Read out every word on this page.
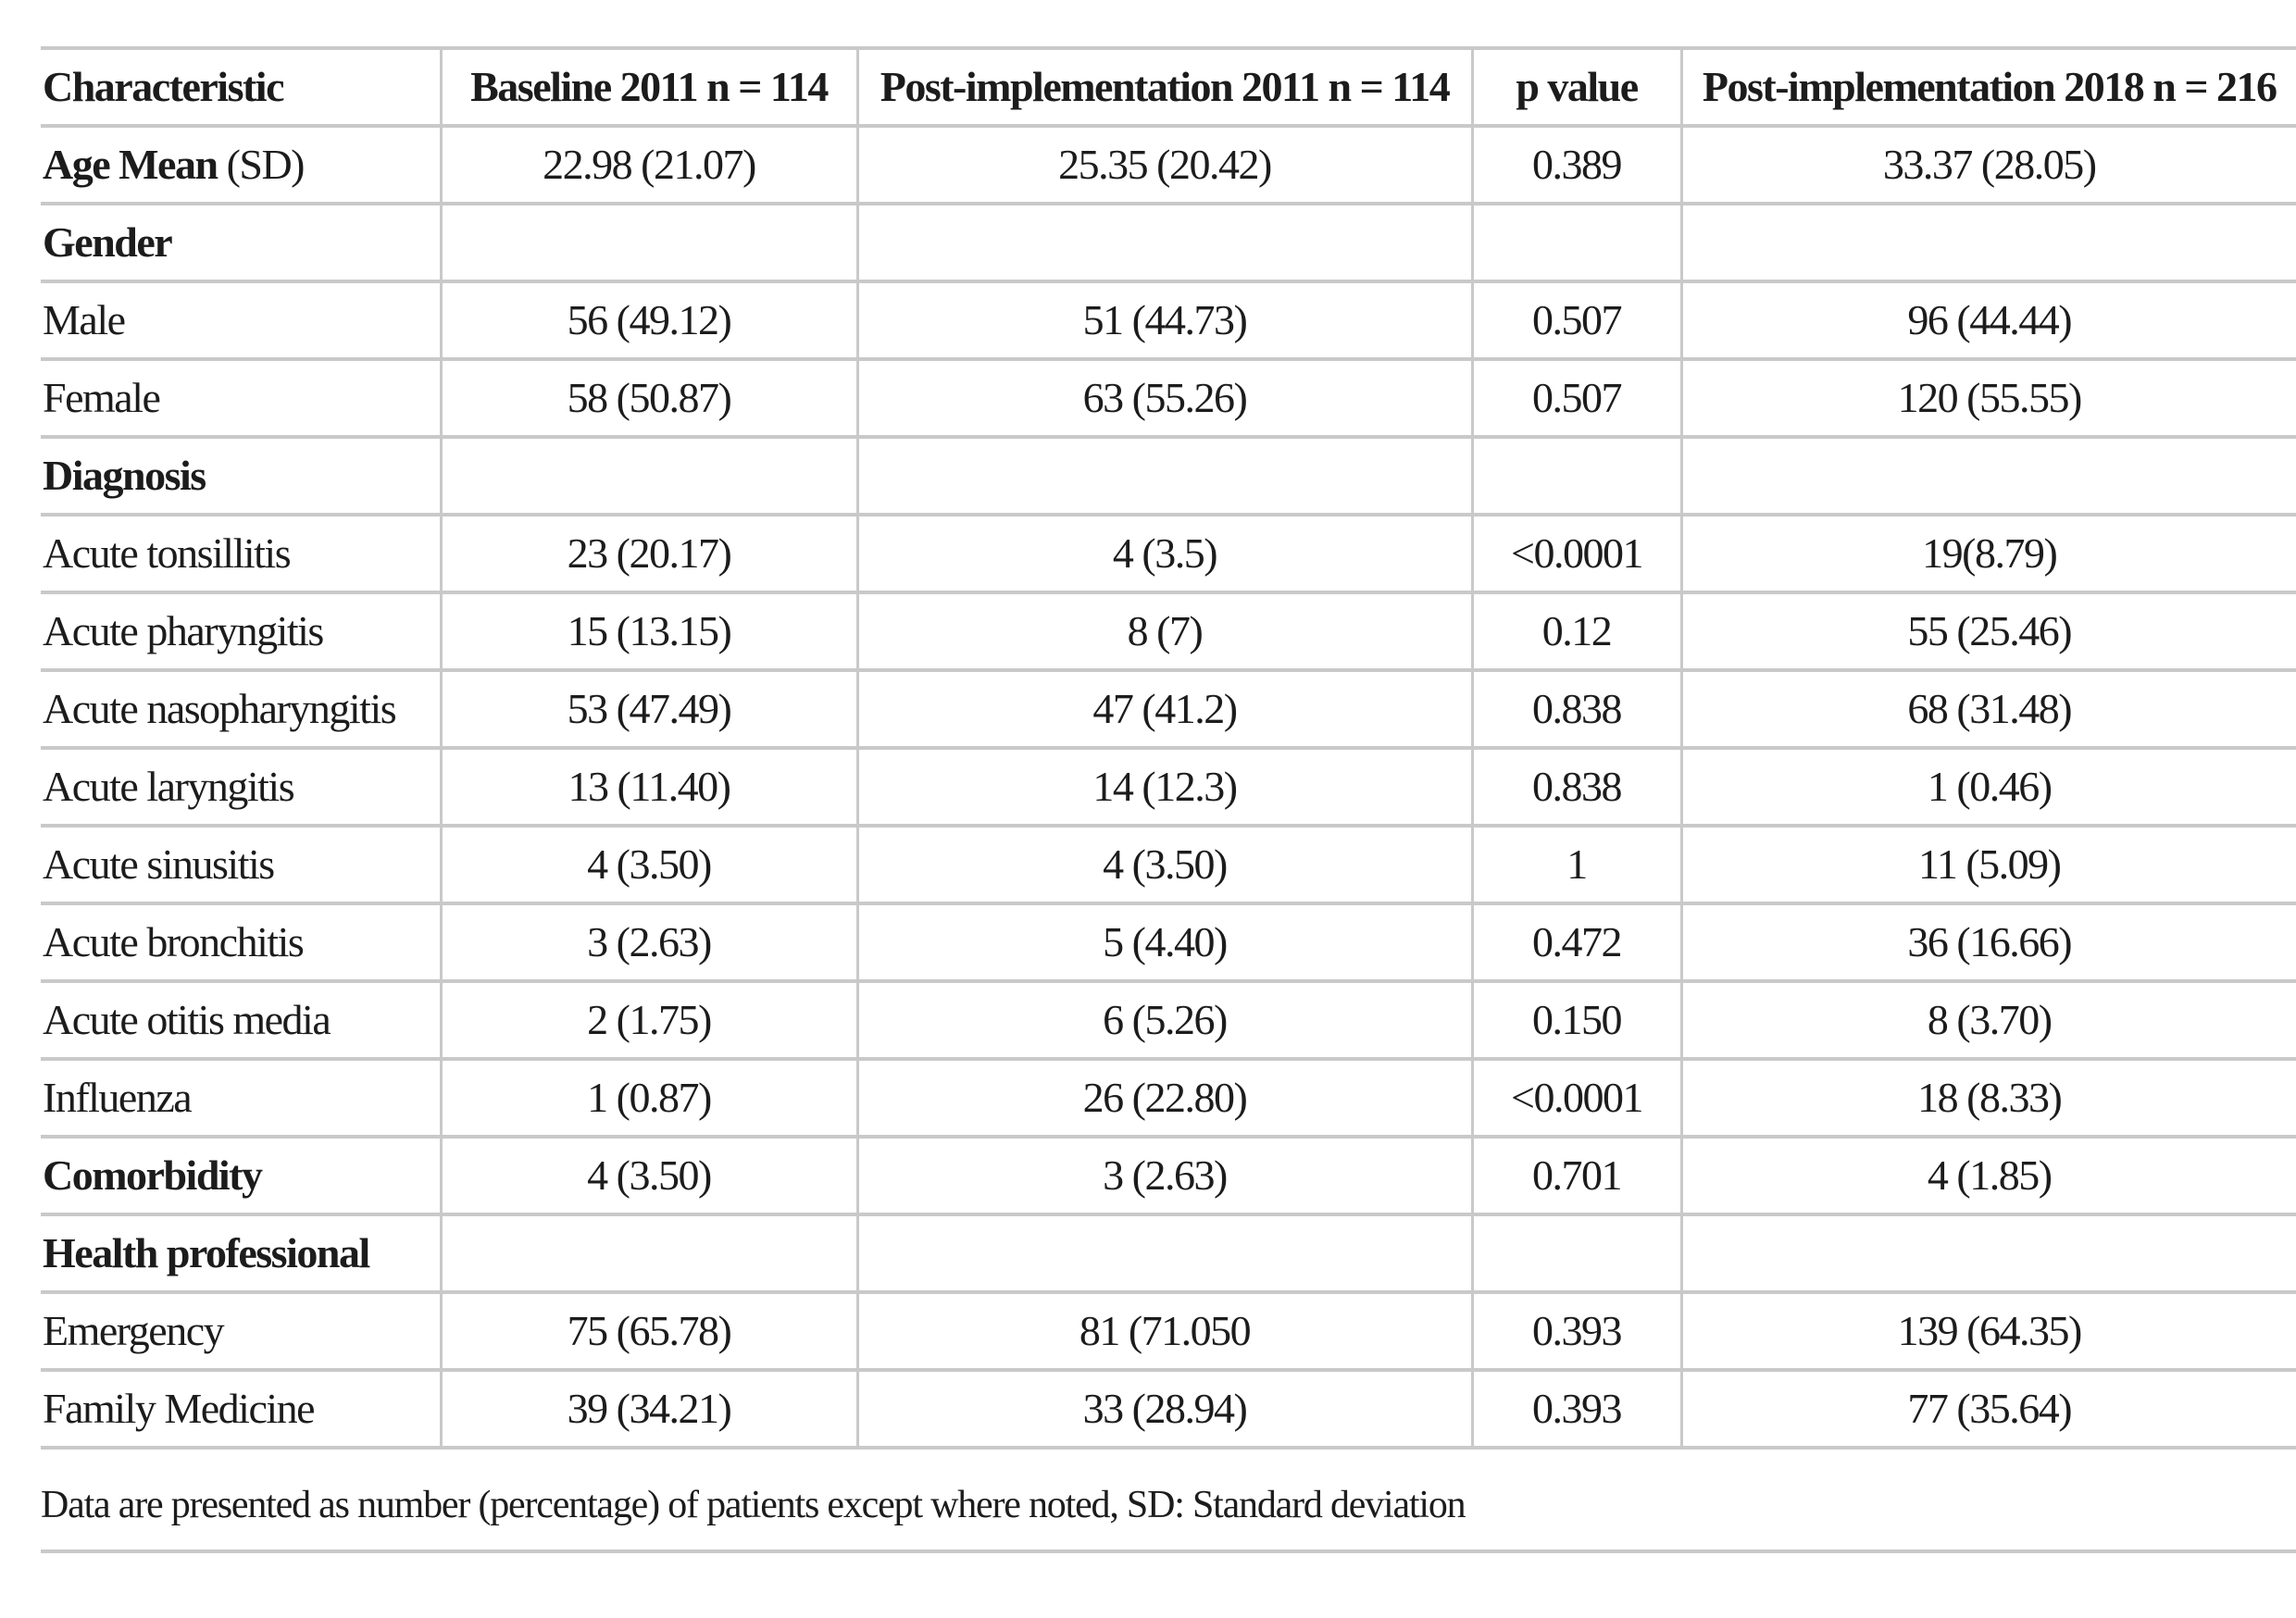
Characteristic	Baseline 2011 n = 114	Post-implementation 2011 n = 114	p value	Post-implementation 2018 n = 216
Age Mean (SD)	22.98 (21.07)	25.35 (20.42)	0.389	33.37 (28.05)
Gender				
Male	56 (49.12)	51 (44.73)	0.507	96 (44.44)
Female	58 (50.87)	63 (55.26)	0.507	120 (55.55)
Diagnosis				
Acute tonsillitis	23 (20.17)	4 (3.5)	<0.0001	19(8.79)
Acute pharyngitis	15 (13.15)	8 (7)	0.12	55 (25.46)
Acute nasopharyngitis	53 (47.49)	47 (41.2)	0.838	68 (31.48)
Acute laryngitis	13 (11.40)	14 (12.3)	0.838	1 (0.46)
Acute sinusitis	4 (3.50)	4 (3.50)	1	11 (5.09)
Acute bronchitis	3 (2.63)	5 (4.40)	0.472	36 (16.66)
Acute otitis media	2 (1.75)	6 (5.26)	0.150	8 (3.70)
Influenza	1 (0.87)	26 (22.80)	<0.0001	18 (8.33)
Comorbidity	4 (3.50)	3 (2.63)	0.701	4 (1.85)
Health professional				
Emergency	75 (65.78)	81 (71.050	0.393	139 (64.35)
Family Medicine	39 (34.21)	33 (28.94)	0.393	77 (35.64)
Data are presented as number (percentage) of patients except where noted, SD: Standard deviation
